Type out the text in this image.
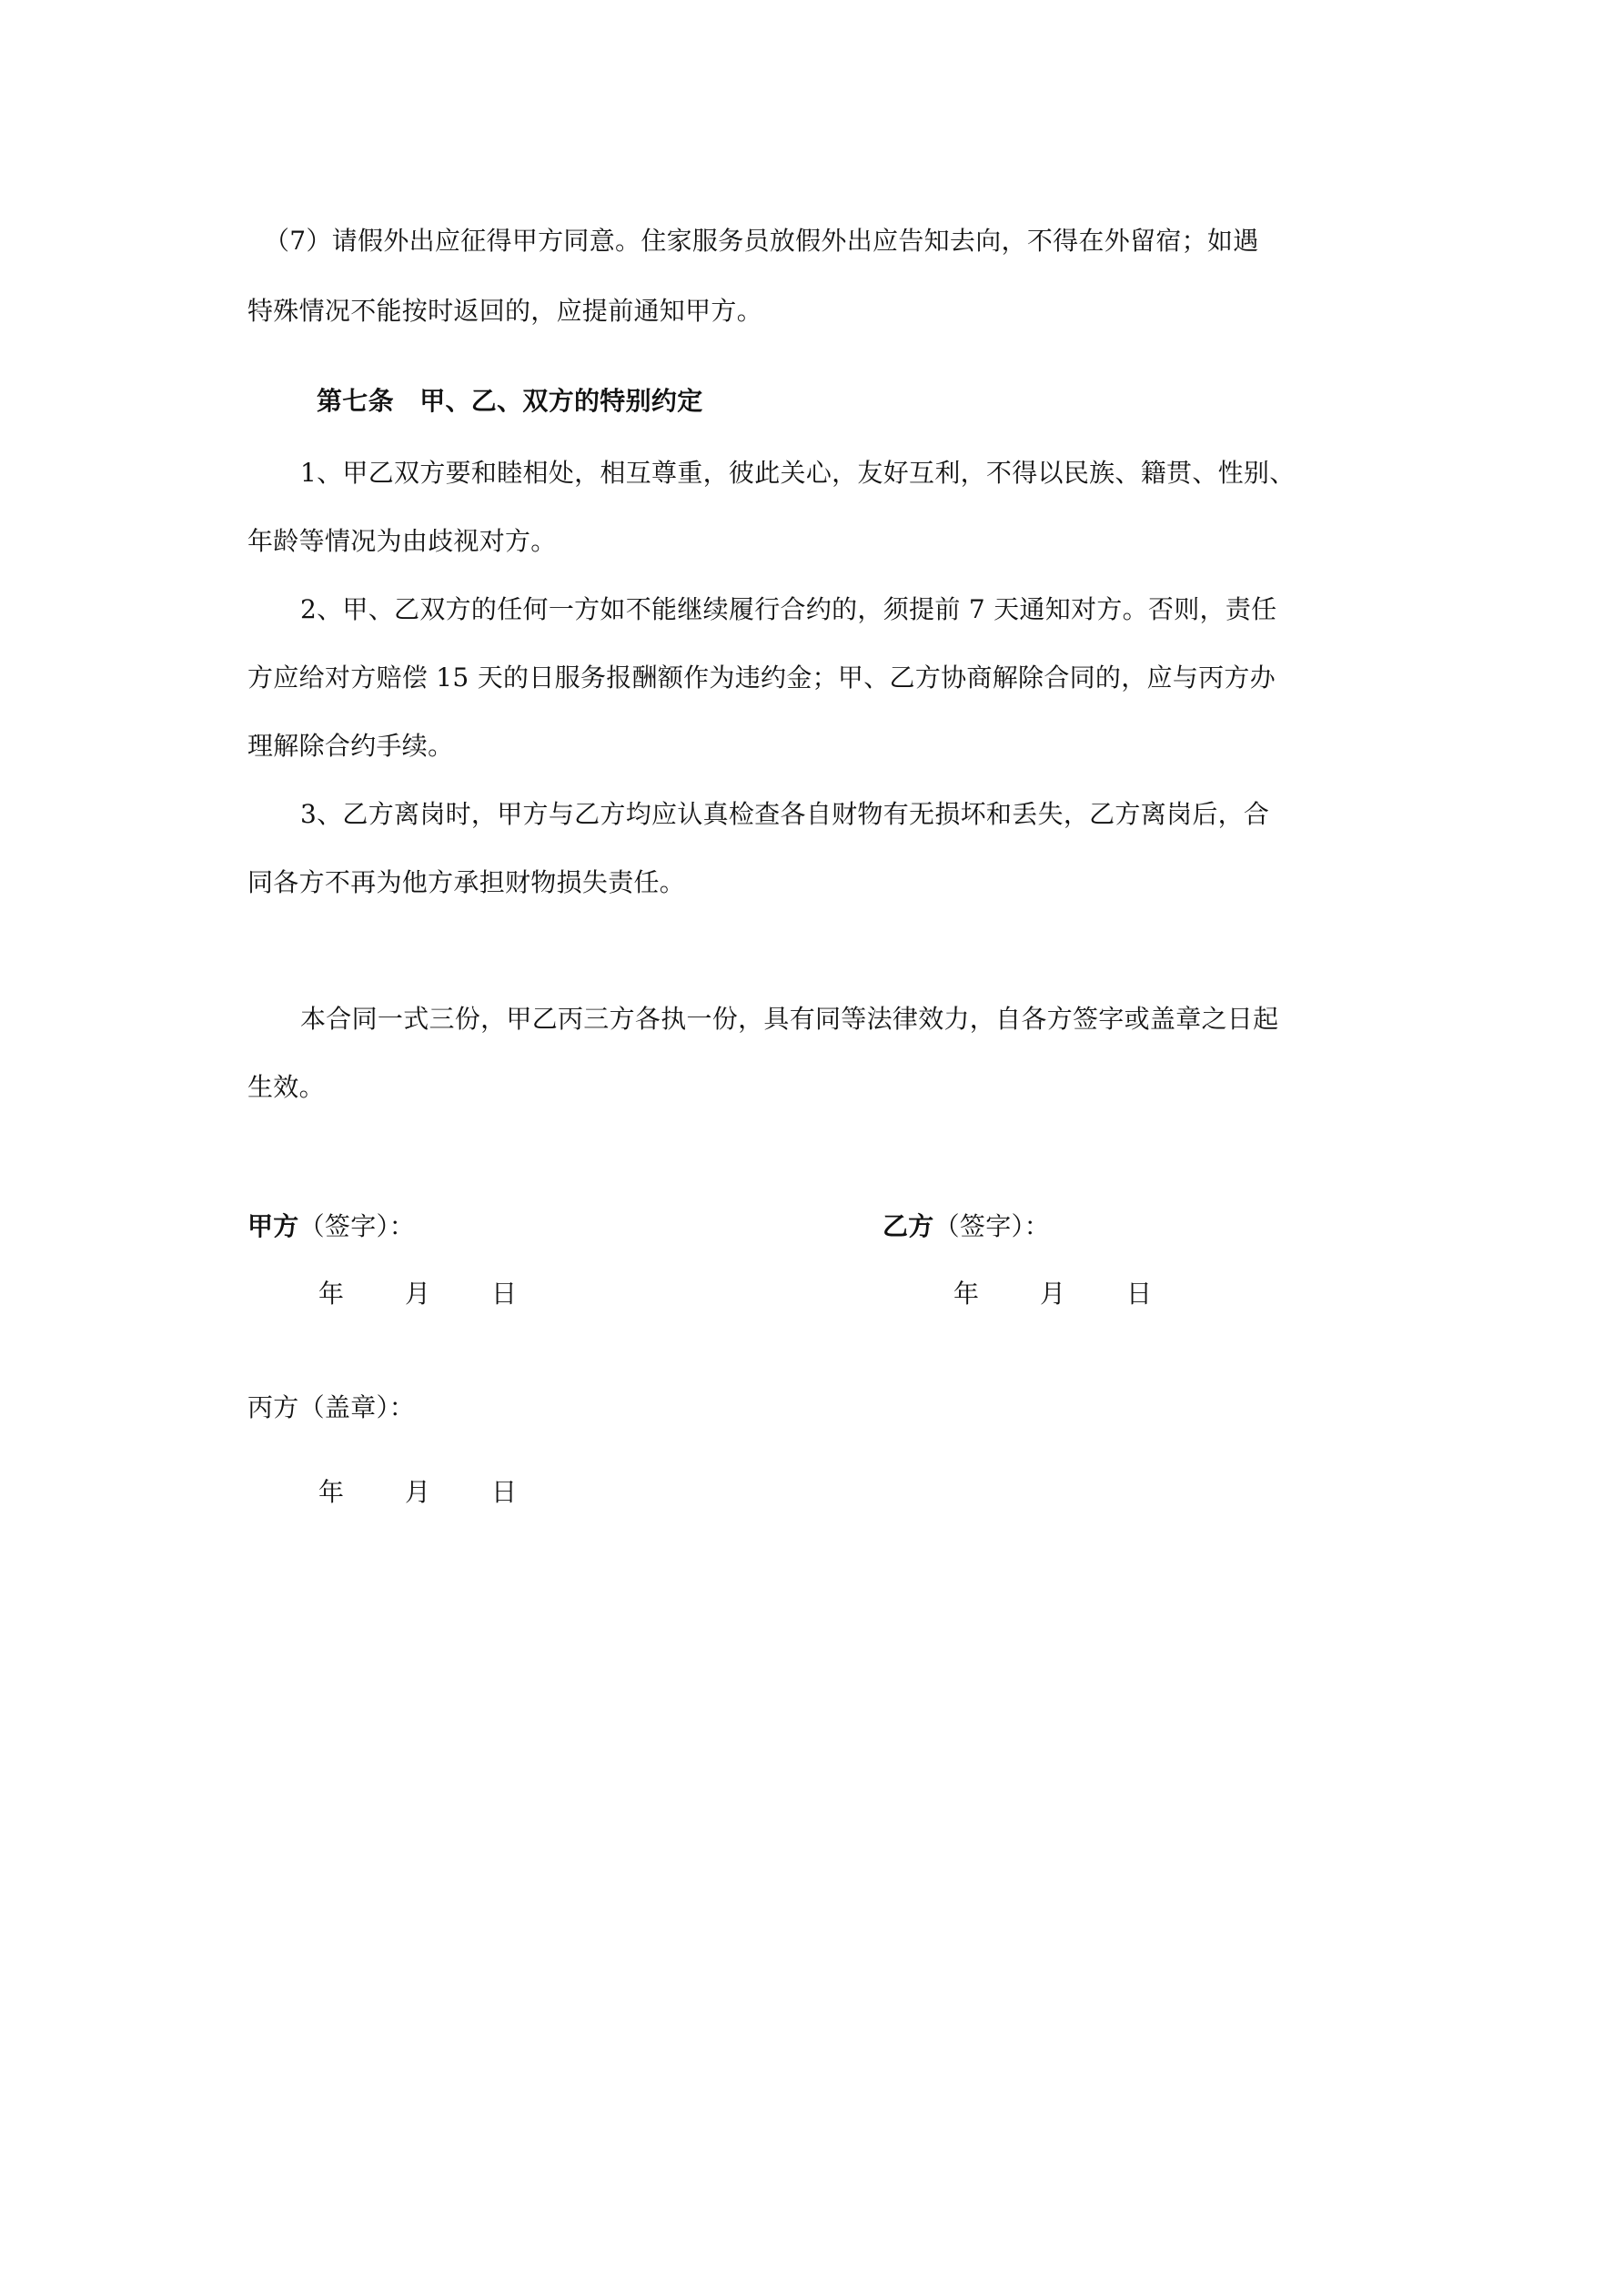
（7）请假外出应征得甲方同意。住家服务员放假外出应告知去向，不得在外留宿；如遇
特殊情况不能按时返回的，应提前通知甲方。
第七条　甲、乙、双方的特别约定
1、甲乙双方要和睦相处，相互尊重，彼此关心，友好互利，不得以民族、籍贯、性别、
年龄等情况为由歧视对方。
2、甲、乙双方的任何一方如不能继续履行合约的，须提前 7 天通知对方。否则，责任
方应给对方赔偿 15 天的日服务报酬额作为违约金；甲、乙方协商解除合同的，应与丙方办
理解除合约手续。
3、乙方离岗时，甲方与乙方均应认真检查各自财物有无损坏和丢失，乙方离岗后，合
同各方不再为他方承担财物损失责任。
本合同一式三份，甲乙丙三方各执一份，具有同等法律效力，自各方签字或盖章之日起
生效。
甲方（签字）：
年 月 日
乙方（签字）：
年 月 日
丙方（盖章）：
年 月 日
